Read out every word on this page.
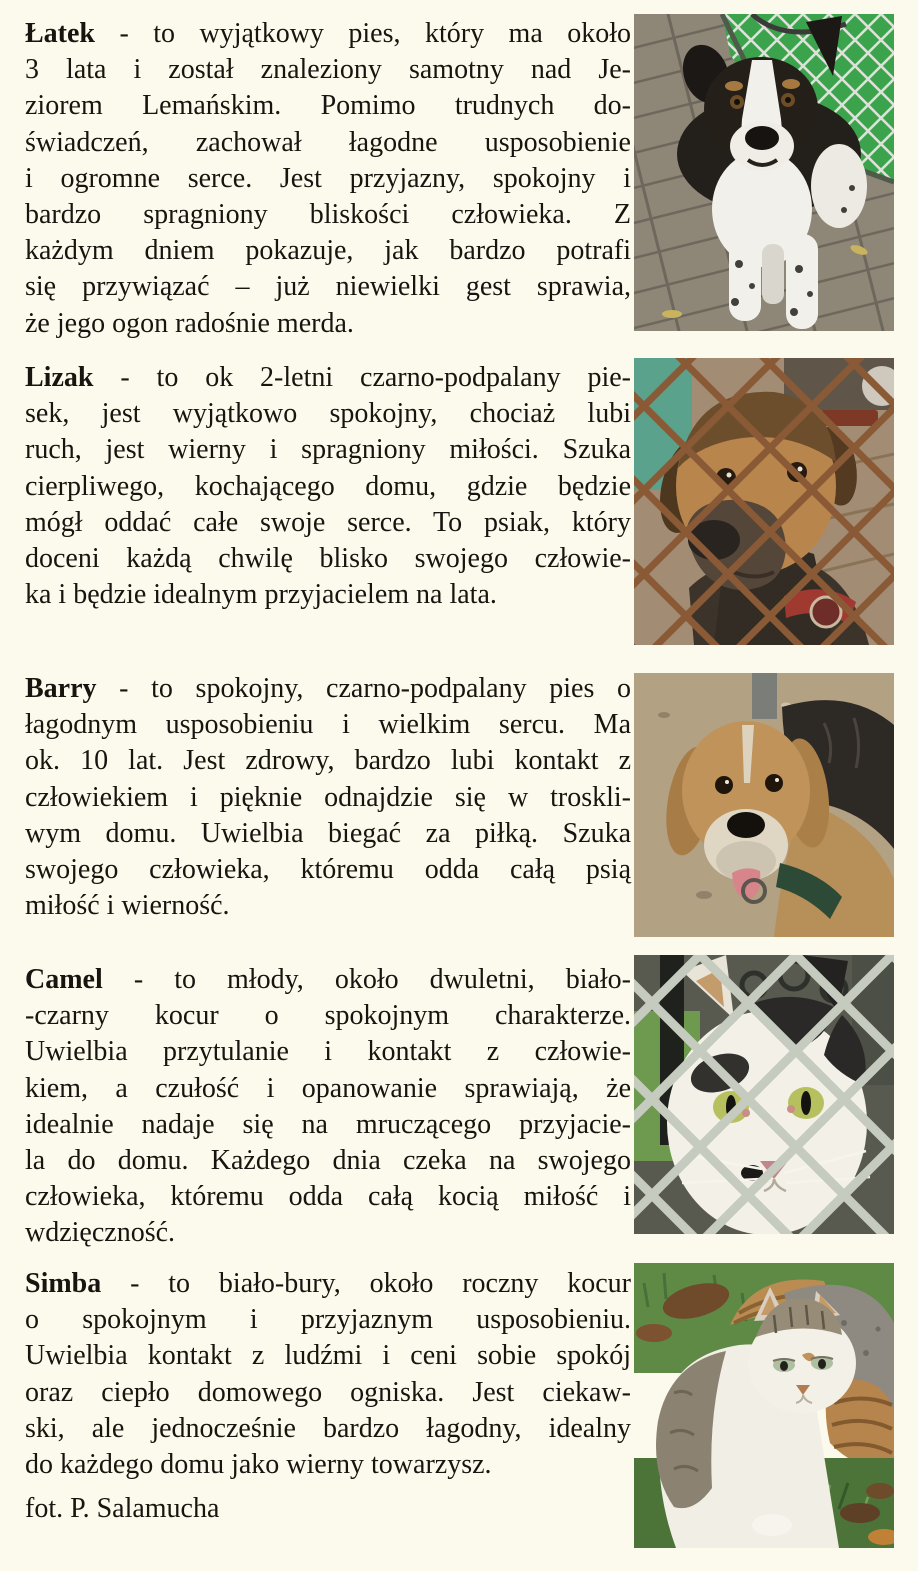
Łatek - to wyjątkowy pies, który ma około
3 lata i został znaleziony samotny nad Je-
ziorem Lemańskim. Pomimo trudnych do-
świadczeń, zachował łagodne usposobienie
i ogromne serce. Jest przyjazny, spokojny i
bardzo spragniony bliskości człowieka. Z
każdym dniem pokazuje, jak bardzo potrafi
się przywiązać – już niewielki gest sprawia,
że jego ogon radośnie merda.
Lizak - to ok 2-letni czarno-podpalany pie-
sek, jest wyjątkowo spokojny, chociaż lubi
ruch, jest wierny i spragniony miłości. Szuka
cierpliwego, kochającego domu, gdzie będzie
mógł oddać całe swoje serce. To psiak, który
doceni każdą chwilę blisko swojego człowie-
ka i będzie idealnym przyjacielem na lata.
Barry - to spokojny, czarno-podpalany pies o
łagodnym usposobieniu i wielkim sercu. Ma
ok. 10 lat. Jest zdrowy, bardzo lubi kontakt z
człowiekiem i pięknie odnajdzie się w troskli-
wym domu. Uwielbia biegać za piłką. Szuka
swojego człowieka, któremu odda całą psią
miłość i wierność.
Camel - to młody, około dwuletni, biało-
-czarny kocur o spokojnym charakterze.
Uwielbia przytulanie i kontakt z człowie-
kiem, a czułość i opanowanie sprawiają, że
idealnie nadaje się na mruczącego przyjacie-
la do domu. Każdego dnia czeka na swojego
człowieka, któremu odda całą kocią miłość i
wdzięczność.
Simba - to biało-bury, około roczny kocur
o spokojnym i przyjaznym usposobieniu.
Uwielbia kontakt z ludźmi i ceni sobie spokój
oraz ciepło domowego ogniska. Jest ciekaw-
ski, ale jednocześnie bardzo łagodny, idealny
do każdego domu jako wierny towarzysz.
fot. P. Salamucha
